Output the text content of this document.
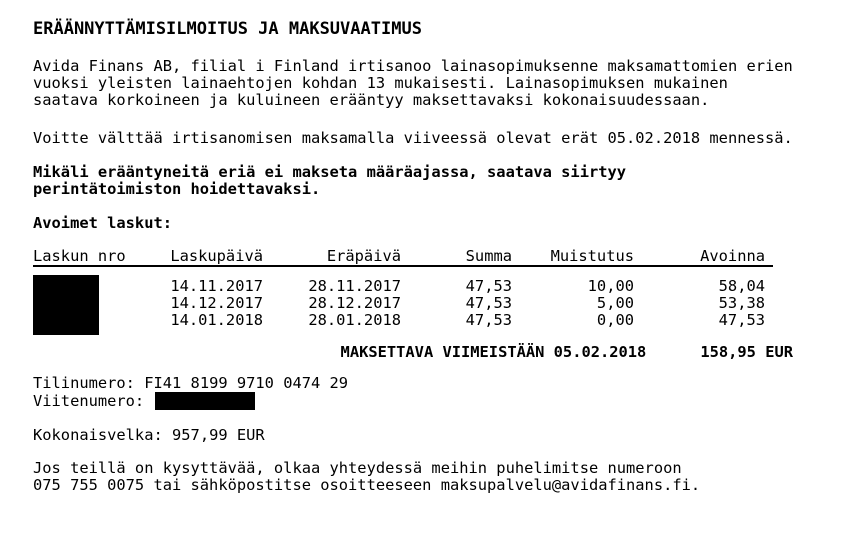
ERÄÄNNYTTÄMISILMOITUS JA MAKSUVAATIMUS
Avida Finans AB, filial i Finland irtisanoo lainasopimuksenne maksamattomien erien
vuoksi yleisten lainaehtojen kohdan 13 mukaisesti. Lainasopimuksen mukainen
saatava korkoineen ja kuluineen erääntyy maksettavaksi kokonaisuudessaan.
Voitte välttää irtisanomisen maksamalla viiveessä olevat erät 05.02.2018 mennessä.
Mikäli erääntyneitä eriä ei makseta määräajassa, saatava siirtyy
perintätoimiston hoidettavaksi.
Avoimet laskut:
Laskun nro	Laskupäivä	Eräpäivä	Summa	Muistutus	Avoinna

	14.11.2017	28.11.2017	47,53	10,00	58,04
	14.12.2017	28.12.2017	47,53	5,00	53,38
	14.01.2018	28.01.2018	47,53	0,00	47,53
MAKSETTAVA VIIMEISTÄÄN 05.02.2018	158,95 EUR
Tilinumero: FI41 8199 9710 0474 29
Viitenumero:
Kokonaisvelka: 957,99 EUR
Jos teillä on kysyttävää, olkaa yhteydessä meihin puhelimitse numeroon
075 755 0075 tai sähköpostitse osoitteeseen maksupalvelu@avidafinans.fi.
